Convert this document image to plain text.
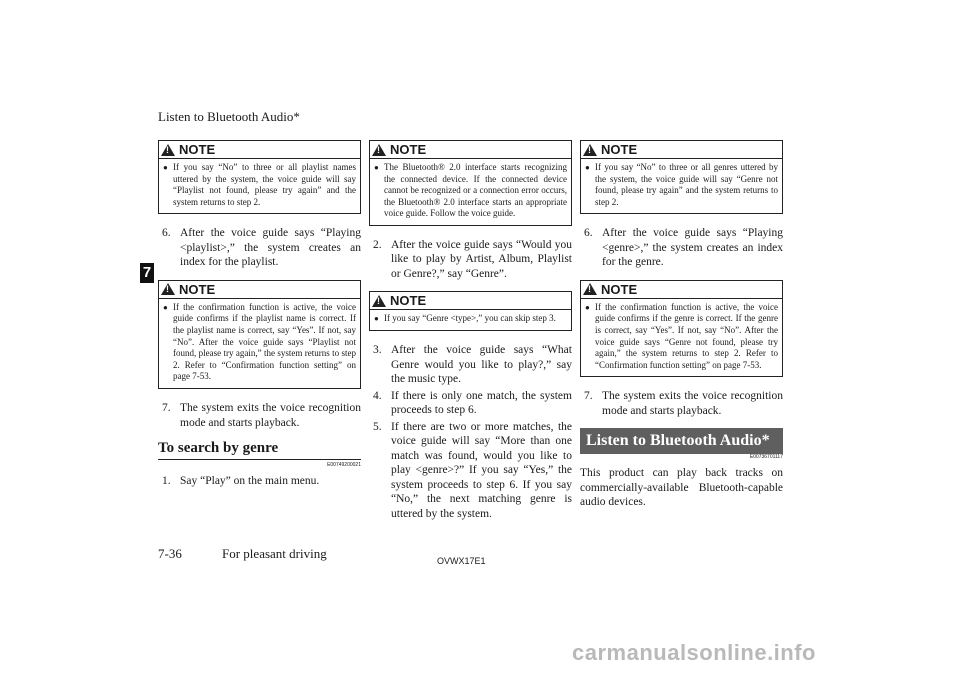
Listen to Bluetooth Audio*
7
!
NOTE
● If you say “No” to three or all playlist names uttered by the system, the voice guide will say “Playlist not found, please try again” and the system returns to step 2.
6. After the voice guide says “Playing <playlist>,” the system creates an index for the playlist.
!
NOTE
● If the confirmation function is active, the voice guide confirms if the playlist name is correct. If the playlist name is correct, say “Yes”. If not, say “No”. After the voice guide says “Playlist not found, please try again,” the system returns to step 2. Refer to “Confirmation function setting” on page 7-53.
7. The system exits the voice recognition mode and starts playback.
To search by genre
E00749200021
1. Say “Play” on the main menu.
!
NOTE
● The Bluetooth® 2.0 interface starts recognizing the connected device. If the connected device cannot be recognized or a connection error occurs, the Bluetooth® 2.0 interface starts an appropriate voice guide. Follow the voice guide.
2. After the voice guide says “Would you like to play by Artist, Album, Playlist or Genre?,” say “Genre”.
!
NOTE
● If you say “Genre <type>,” you can skip step 3.
3. After the voice guide says “What Genre would you like to play?,” say the music type.
4. If there is only one match, the system proceeds to step 6.
5. If there are two or more matches, the voice guide will say “More than one match was found, would you like to play <genre>?” If you say “Yes,” the system proceeds to step 6. If you say “No,” the next matching genre is uttered by the system.
!
NOTE
● If you say “No” to three or all genres uttered by the system, the voice guide will say “Genre not found, please try again” and the system returns to step 2.
6. After the voice guide says “Playing <genre>,” the system creates an index for the genre.
!
NOTE
● If the confirmation function is active, the voice guide confirms if the genre is correct. If the genre is correct, say “Yes”. If not, say “No”. After the voice guide says “Genre not found, please try again,” the system returns to step 2. Refer to “Confirmation function setting” on page 7-53.
7. The system exits the voice recognition mode and starts playback.
Listen to Bluetooth Audio*
E00736701117
This product can play back tracks on commercially-available Bluetooth-capable audio devices.
7-36	For pleasant driving	OVWX17E1
carmanualsonline.info
